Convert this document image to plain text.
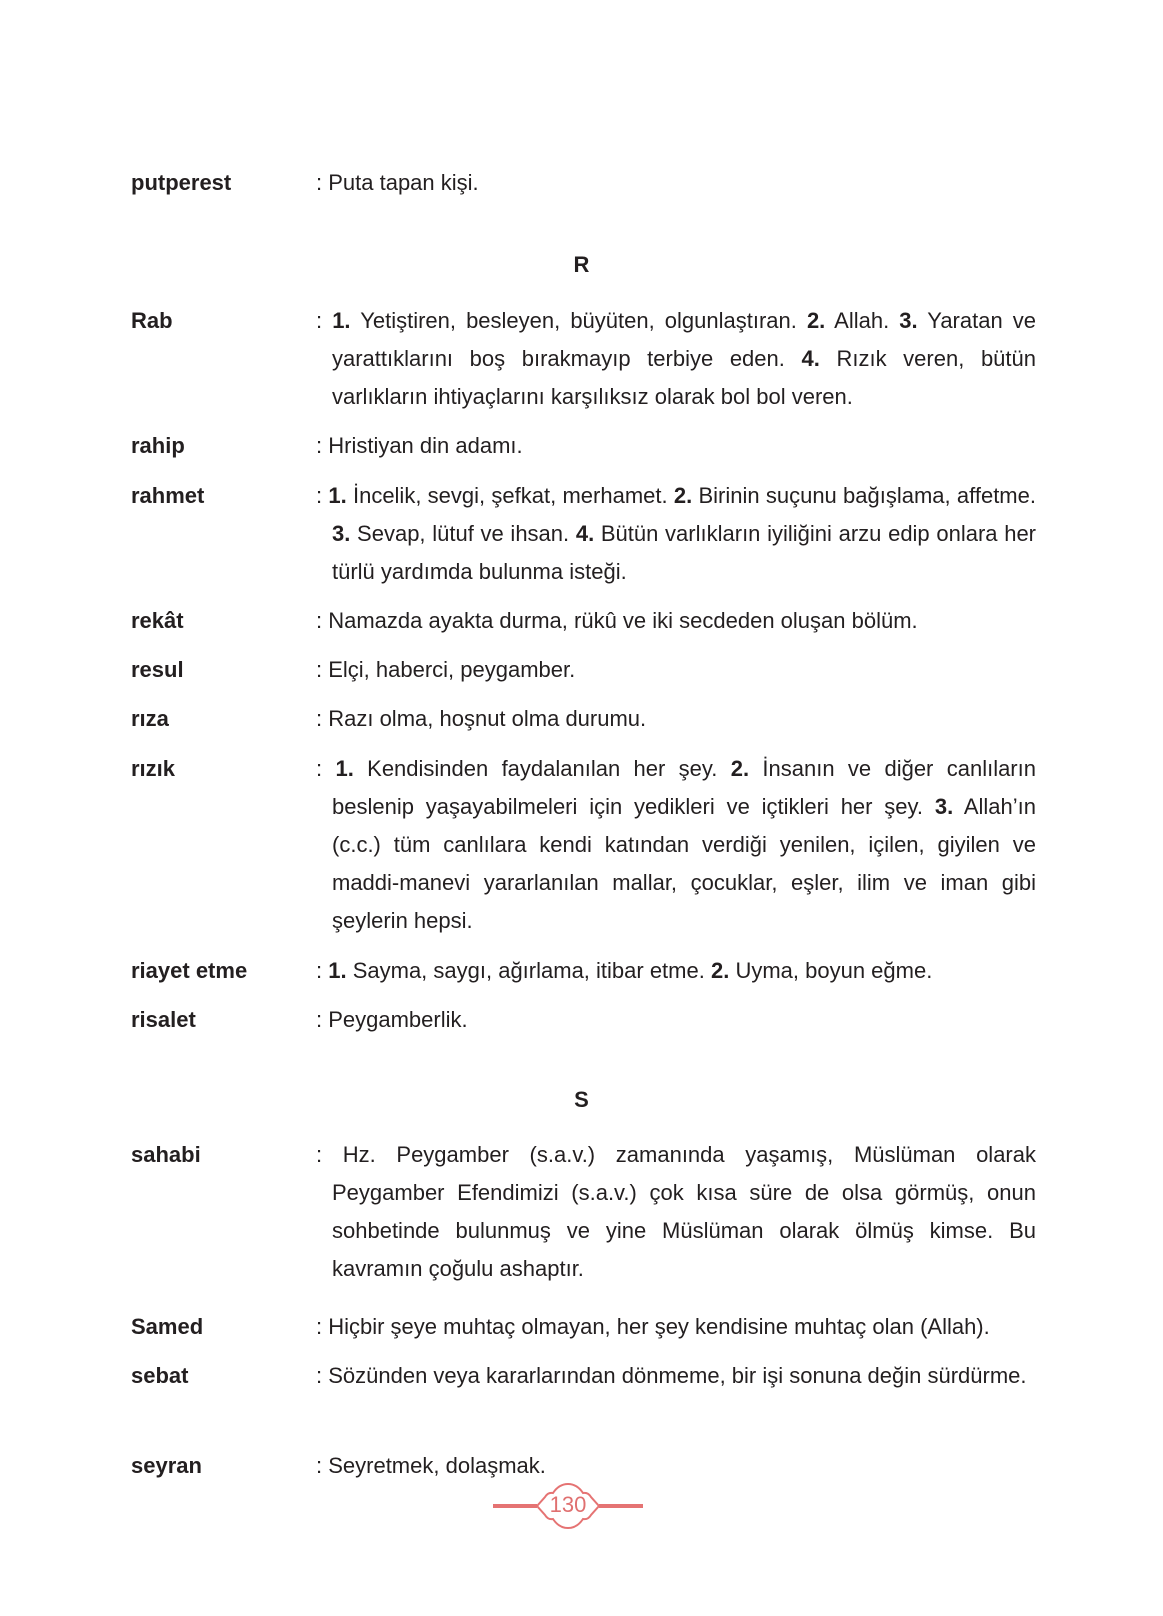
putperest	: Puta tapan kişi.
R
Rab	: 1. Yetiştiren, besleyen, büyüten, olgunlaştıran. 2. Allah. 3. Yaratan ve yarattıklarını boş bırakmayıp terbiye eden. 4. Rızık veren, bütün varlıkların ihtiyaçlarını karşılıksız olarak bol bol veren.
rahip	: Hristiyan din adamı.
rahmet	: 1. İncelik, sevgi, şefkat, merhamet. 2. Birinin suçunu bağışlama, affetme. 3. Sevap, lütuf ve ihsan. 4. Bütün varlıkların iyiliğini arzu edip onlara her türlü yardımda bulunma isteği.
rekât	: Namazda ayakta durma, rükû ve iki secdeden oluşan bölüm.
resul	: Elçi, haberci, peygamber.
rıza	: Razı olma, hoşnut olma durumu.
rızık	: 1. Kendisinden faydalanılan her şey. 2. İnsanın ve diğer canlıların beslenip yaşayabilmeleri için yedikleri ve içtikleri her şey. 3. Allah’ın (c.c.) tüm canlılara kendi katından verdiği yenilen, içilen, giyilen ve maddi-manevi yararlanılan mallar, çocuklar, eşler, ilim ve iman gibi şeylerin hepsi.
riayet etme	: 1. Sayma, saygı, ağırlama, itibar etme. 2. Uyma, boyun eğme.
risalet	: Peygamberlik.
S
sahabi	: Hz. Peygamber (s.a.v.) zamanında yaşamış, Müslüman olarak Peygamber Efendimizi (s.a.v.) çok kısa süre de olsa görmüş, onun sohbetinde bulunmuş ve yine Müslüman olarak ölmüş kimse. Bu kavramın çoğulu ashaptır.
Samed	: Hiçbir şeye muhtaç olmayan, her şey kendisine muhtaç olan (Allah).
sebat	: Sözünden veya kararlarından dönmeme, bir işi sonuna değin sürdürme.
seyran	: Seyretmek, dolaşmak.
130
